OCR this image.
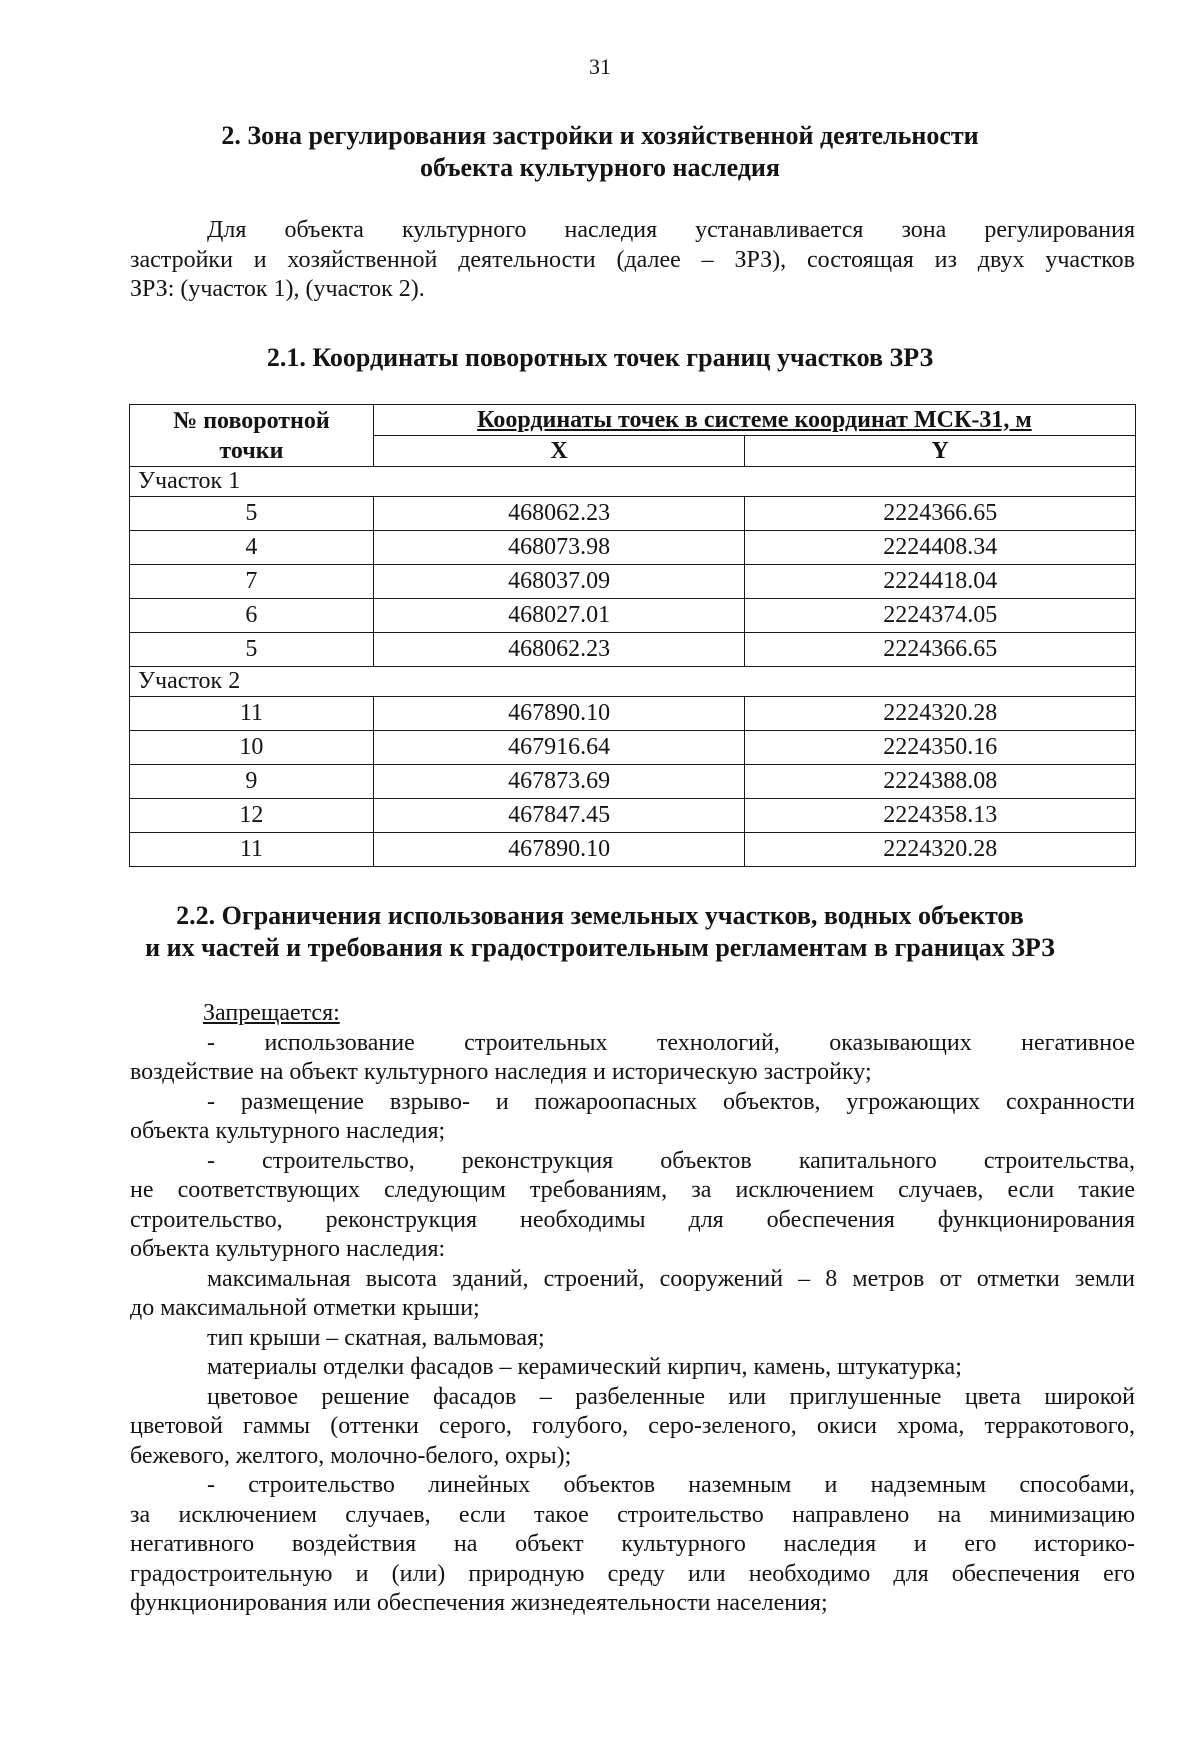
31
2. Зона регулирования застройки и хозяйственной деятельности
объекта культурного наследия
Для объекта культурного наследия устанавливается зона регулирования
застройки и хозяйственной деятельности (далее – ЗРЗ), состоящая из двух участков
ЗРЗ: (участок 1), (участок 2).
2.1. Координаты поворотных точек границ участков ЗРЗ
№ поворотной
точки	Координаты точек в системе координат МСК-31, м	
	X	Y
Участок 1		
5	468062.23	2224366.65
4	468073.98	2224408.34
7	468037.09	2224418.04
6	468027.01	2224374.05
5	468062.23	2224366.65
Участок 2		
11	467890.10	2224320.28
10	467916.64	2224350.16
9	467873.69	2224388.08
12	467847.45	2224358.13
11	467890.10	2224320.28
2.2. Ограничения использования земельных участков, водных объектов
и их частей и требования к градостроительным регламентам в границах ЗРЗ
Запрещается:
- использование строительных технологий, оказывающих негативное
воздействие на объект культурного наследия и историческую застройку;
- размещение взрыво- и пожароопасных объектов, угрожающих сохранности
объекта культурного наследия;
- строительство, реконструкция объектов капитального строительства,
не соответствующих следующим требованиям, за исключением случаев, если такие
строительство, реконструкция необходимы для обеспечения функционирования
объекта культурного наследия:
максимальная высота зданий, строений, сооружений – 8 метров от отметки земли
до максимальной отметки крыши;
тип крыши – скатная, вальмовая;
материалы отделки фасадов – керамический кирпич, камень, штукатурка;
цветовое решение фасадов – разбеленные или приглушенные цвета широкой
цветовой гаммы (оттенки серого, голубого, серо-зеленого, окиси хрома, терракотового,
бежевого, желтого, молочно-белого, охры);
- строительство линейных объектов наземным и надземным способами,
за исключением случаев, если такое строительство направлено на минимизацию
негативного воздействия на объект культурного наследия и его историко-
градостроительную и (или) природную среду или необходимо для обеспечения его
функционирования или обеспечения жизнедеятельности населения;
